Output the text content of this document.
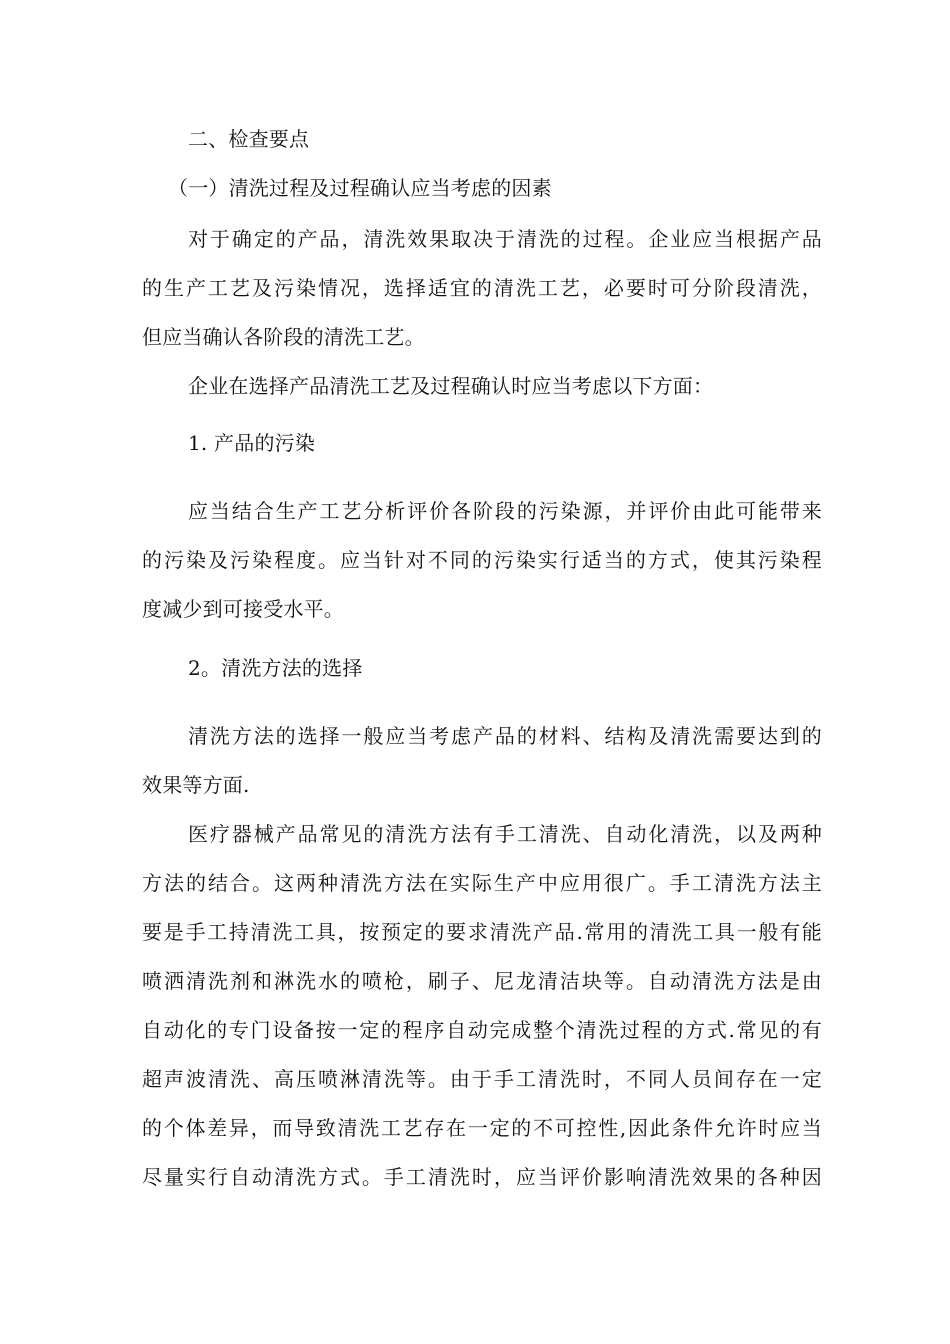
二、检查要点
（一）清洗过程及过程确认应当考虑的因素
对于确定的产品，清洗效果取决于清洗的过程。企业应当根据产品
的生产工艺及污染情况，选择适宜的清洗工艺，必要时可分阶段清洗，
但应当确认各阶段的清洗工艺。
企业在选择产品清洗工艺及过程确认时应当考虑以下方面：
1. 产品的污染
应当结合生产工艺分析评价各阶段的污染源，并评价由此可能带来
的污染及污染程度。应当针对不同的污染实行适当的方式，使其污染程
度减少到可接受水平。
2。清洗方法的选择
清洗方法的选择一般应当考虑产品的材料、结构及清洗需要达到的
效果等方面.
医疗器械产品常见的清洗方法有手工清洗、自动化清洗，以及两种
方法的结合。这两种清洗方法在实际生产中应用很广。手工清洗方法主
要是手工持清洗工具，按预定的要求清洗产品.常用的清洗工具一般有能
喷洒清洗剂和淋洗水的喷枪，刷子、尼龙清洁块等。自动清洗方法是由
自动化的专门设备按一定的程序自动完成整个清洗过程的方式.常见的有
超声波清洗、高压喷淋清洗等。由于手工清洗时，不同人员间存在一定
的个体差异，而导致清洗工艺存在一定的不可控性,因此条件允许时应当
尽量实行自动清洗方式。手工清洗时，应当评价影响清洗效果的各种因
